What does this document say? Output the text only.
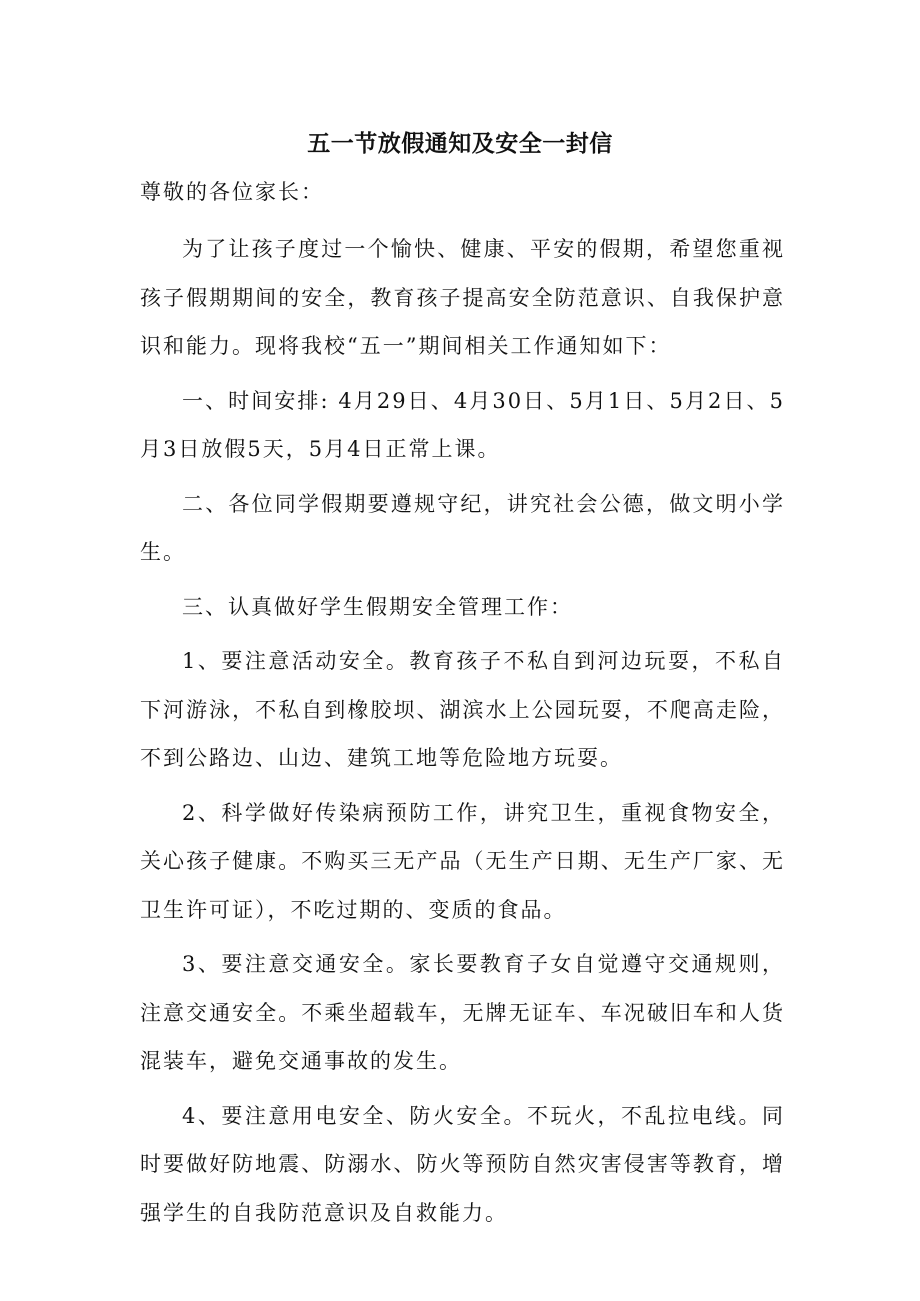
五一节放假通知及安全一封信

尊敬的各位家长：

为了让孩子度过一个愉快、健康、平安的假期，希望您重视孩子假期期间的安全，教育孩子提高安全防范意识、自我保护意识和能力。现将我校“五一”期间相关工作通知如下：

一、时间安排: 4月29日、4月30日、5月1日、5月2日、5月3日放假5天，5月4日正常上课。

二、各位同学假期要遵规守纪，讲究社会公德，做文明小学生。

三、认真做好学生假期安全管理工作：

1、要注意活动安全。教育孩子不私自到河边玩耍，不私自下河游泳，不私自到橡胶坝、湖滨水上公园玩耍，不爬高走险，不到公路边、山边、建筑工地等危险地方玩耍。

2、科学做好传染病预防工作，讲究卫生，重视食物安全，关心孩子健康。不购买三无产品（无生产日期、无生产厂家、无卫生许可证），不吃过期的、变质的食品。

3、要注意交通安全。家长要教育子女自觉遵守交通规则，注意交通安全。不乘坐超载车，无牌无证车、车况破旧车和人货混装车，避免交通事故的发生。

4、要注意用电安全、防火安全。不玩火，不乱拉电线。同时要做好防地震、防溺水、防火等预防自然灾害侵害等教育，增强学生的自我防范意识及自救能力。
